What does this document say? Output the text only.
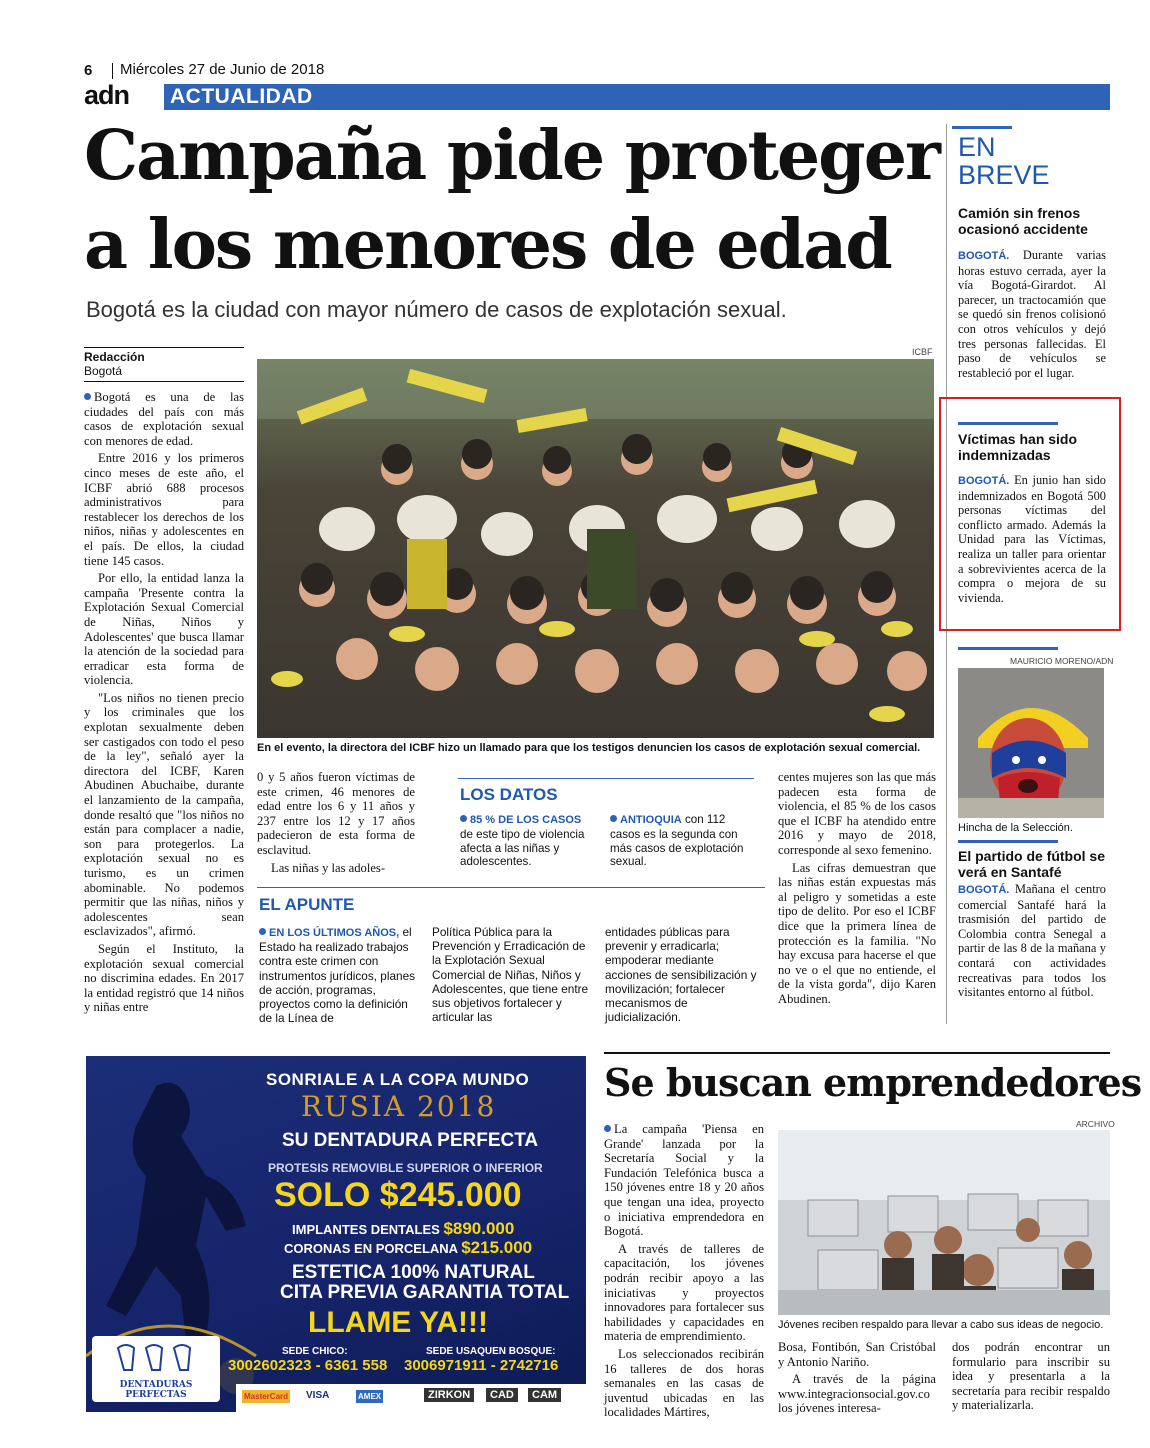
6 Miércoles 27 de Junio de 2018
adn ACTUALIDAD
Campaña pide proteger
a los menores de edad
Bogotá es la ciudad con mayor número de casos de explotación sexual.
Redacción
Bogotá
ICBF
En el evento, la directora del ICBF hizo un llamado para que los testigos denuncien los casos de explotación sexual comercial.

Bogotá es una de las ciudades del país con más casos de explotación sexual con menores de edad.

Entre 2016 y los primeros cinco meses de este año, el ICBF abrió 688 procesos administrativos para restablecer los derechos de los niños, niñas y adolescentes en el país. De ellos, la ciudad tiene 145 casos.

Por ello, la entidad lanza la campaña 'Presente contra la Explotación Sexual Comercial de Niñas, Niños y Adolescentes' que busca llamar la atención de la sociedad para erradicar esta forma de violencia.

"Los niños no tienen precio y los criminales que los explotan sexualmente deben ser castigados con todo el peso de la ley", señaló ayer la directora del ICBF, Karen Abudinen Abuchaibe, durante el lanzamiento de la campaña, donde resaltó que "los niños no están para complacer a nadie, son para protegerlos. La explotación sexual no es turismo, es un crimen abominable. No podemos permitir que las niñas, niños y adolescentes sean esclavizados", afirmó.

Según el Instituto, la explotación sexual comercial no discrimina edades. En 2017 la entidad registró que 14 niños y niñas entre

0 y 5 años fueron víctimas de este crimen, 46 menores de edad entre los 6 y 11 años y 237 entre los 12 y 17 años padecieron de esta forma de esclavitud.

Las niñas y las adoles-

LOS DATOS
85 % DE LOS CASOS de este tipo de violencia afecta a las niñas y adolescentes.
ANTIOQUIA con 112 casos es la segunda con más casos de explotación sexual.

centes mujeres son las que más padecen esta forma de violencia, el 85 % de los casos que el ICBF ha atendido entre 2016 y mayo de 2018, corresponde al sexo femenino.

Las cifras demuestran que las niñas están expuestas más al peligro y sometidas a este tipo de delito. Por eso el ICBF dice que la primera línea de protección es la familia. "No hay excusa para hacerse el que no ve o el que no entiende, el de la vista gorda", dijo Karen Abudinen.

EL APUNTE
EN LOS ÚLTIMOS AÑOS, el Estado ha realizado trabajos contra este crimen con instrumentos jurídicos, planes de acción, programas, proyectos como la definición de la Línea de
Política Pública para la Prevención y Erradicación de la Explotación Sexual Comercial de Niñas, Niños y Adolescentes, que tiene entre sus objetivos fortalecer y articular las
entidades públicas para prevenir y erradicarla; empoderar mediante acciones de sensibilización y movilización; fortalecer mecanismos de judicialización.
EN
BREVE
Camión sin frenos ocasionó accidente
BOGOTÁ. Durante varias horas estuvo cerrada, ayer la vía Bogotá-Girardot. Al parecer, un tractocamión que se quedó sin frenos colisionó con otros vehículos y dejó tres personas fallecidas. El paso de vehículos se restableció por el lugar.
Víctimas han sido indemnizadas
BOGOTÁ. En junio han sido indemnizados en Bogotá 500 personas víctimas del conflicto armado. Además la Unidad para las Víctimas, realiza un taller para orientar a sobrevivientes acerca de la compra o mejora de su vivienda.
MAURICIO MORENO/ADN
Hincha de la Selección.
El partido de fútbol se verá en Santafé
BOGOTÁ. Mañana el centro comercial Santafé hará la trasmisión del partido de Colombia contra Senegal a partir de las 8 de la mañana y contará con actividades recreativas para todos los visitantes entorno al fútbol.
SONRIALE A LA COPA MUNDO
RUSIA 2018
SU DENTADURA PERFECTA
PROTESIS REMOVIBLE SUPERIOR O INFERIOR
SOLO $245.000
IMPLANTES DENTALES $890.000
CORONAS EN PORCELANA $215.000
ESTETICA 100% NATURAL
CITA PREVIA GARANTIA TOTAL
LLAME YA!!!
SEDE CHICO:
3002602323 - 6361 558
SEDE USAQUEN BOSQUE:
3006971911 - 2742716
DENTADURAS PERFECTAS	MasterCard VISA	AMEX	ZIRKON	CAD	CAM
Se buscan emprendedores

La campaña 'Piensa en Grande' lanzada por la Secretaría Social y la Fundación Telefónica busca a 150 jóvenes entre 18 y 20 años que tengan una idea, proyecto o iniciativa emprendedora en Bogotá.

A través de talleres de capacitación, los jóvenes podrán recibir apoyo a las iniciativas y proyectos innovadores para fortalecer sus habilidades y capacidades en materia de emprendimiento.

Los seleccionados recibirán 16 talleres de dos horas semanales en las casas de juventud ubicadas en las localidades Mártires,

ARCHIVO
Jóvenes reciben respaldo para llevar a cabo sus ideas de negocio.

Bosa, Fontibón, San Cristóbal y Antonio Nariño.

A través de la página www.integracionsocial.gov.co los jóvenes interesa-

dos podrán encontrar un formulario para inscribir su idea y presentarla a la secretaría para recibir respaldo y materializarla.
